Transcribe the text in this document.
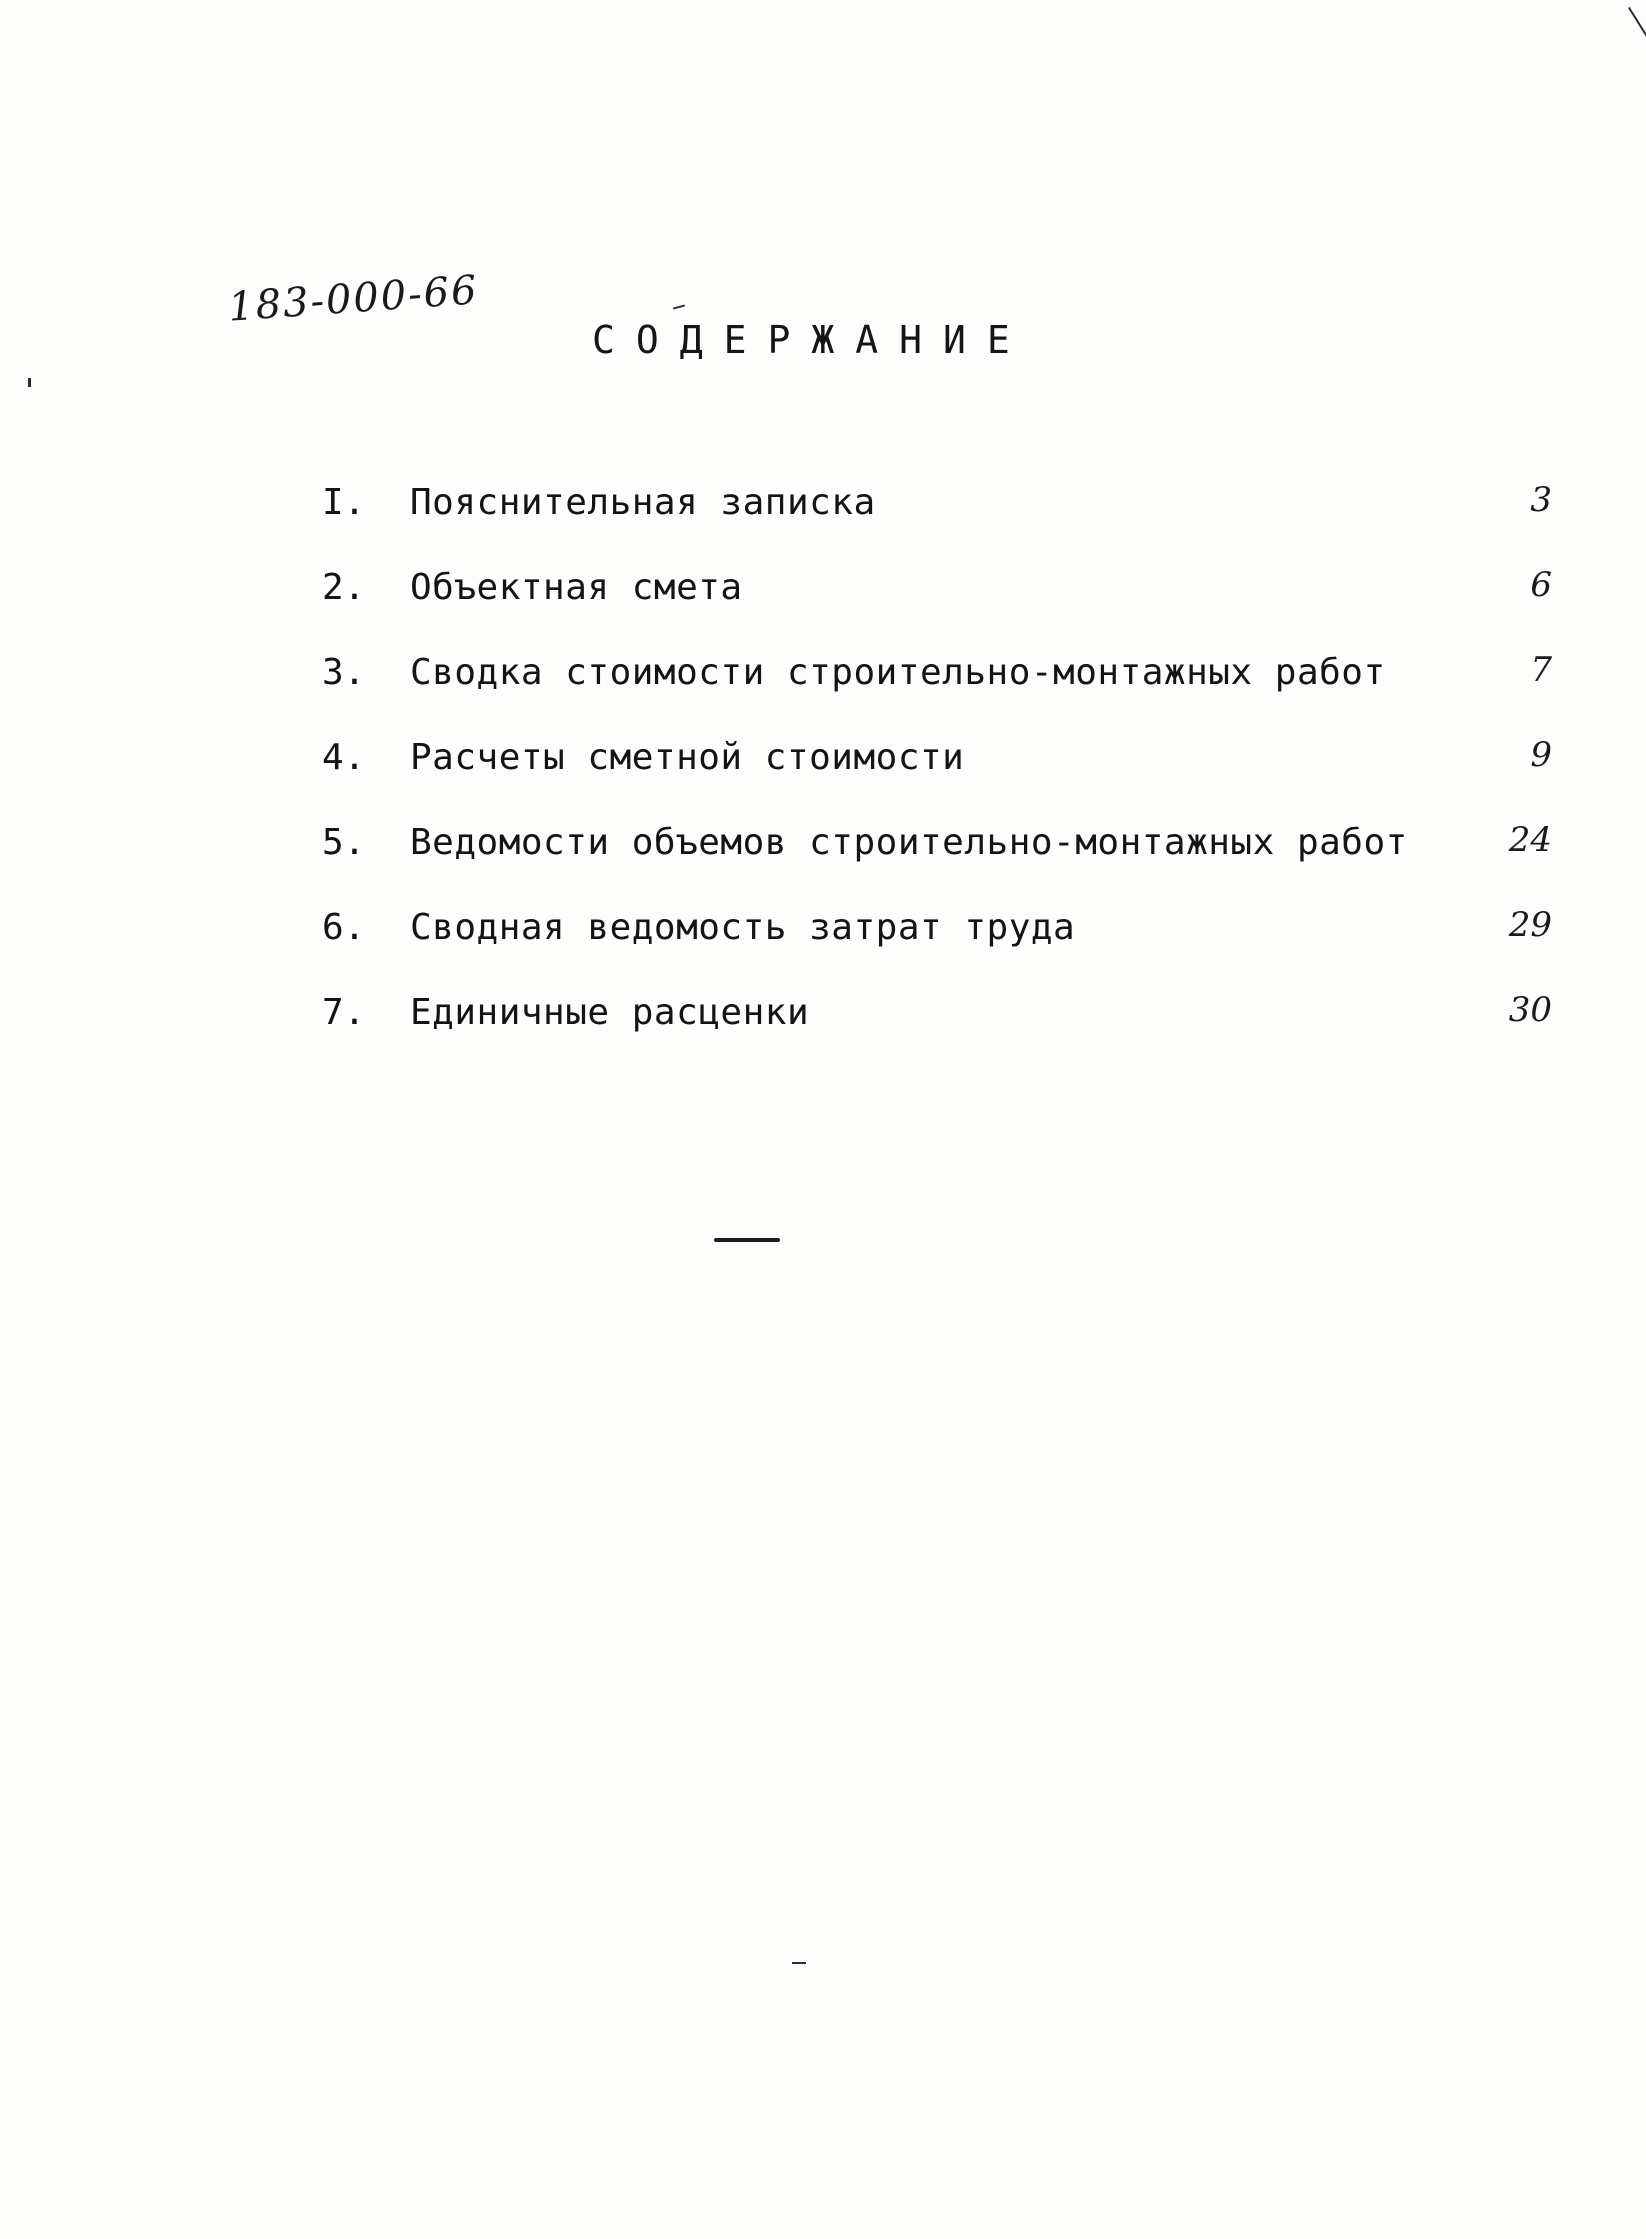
183-000-66
СОДЕРЖАНИЕ
I.	Пояснительная записка	3
2.	Объектная смета	6
3.	Сводка стоимости строительно-монтажных работ	7
4.	Расчеты сметной стоимости	9
5.	Ведомости объемов строительно-монтажных работ	24
6.	Сводная ведомость затрат труда	29
7.	Единичные расценки	30
